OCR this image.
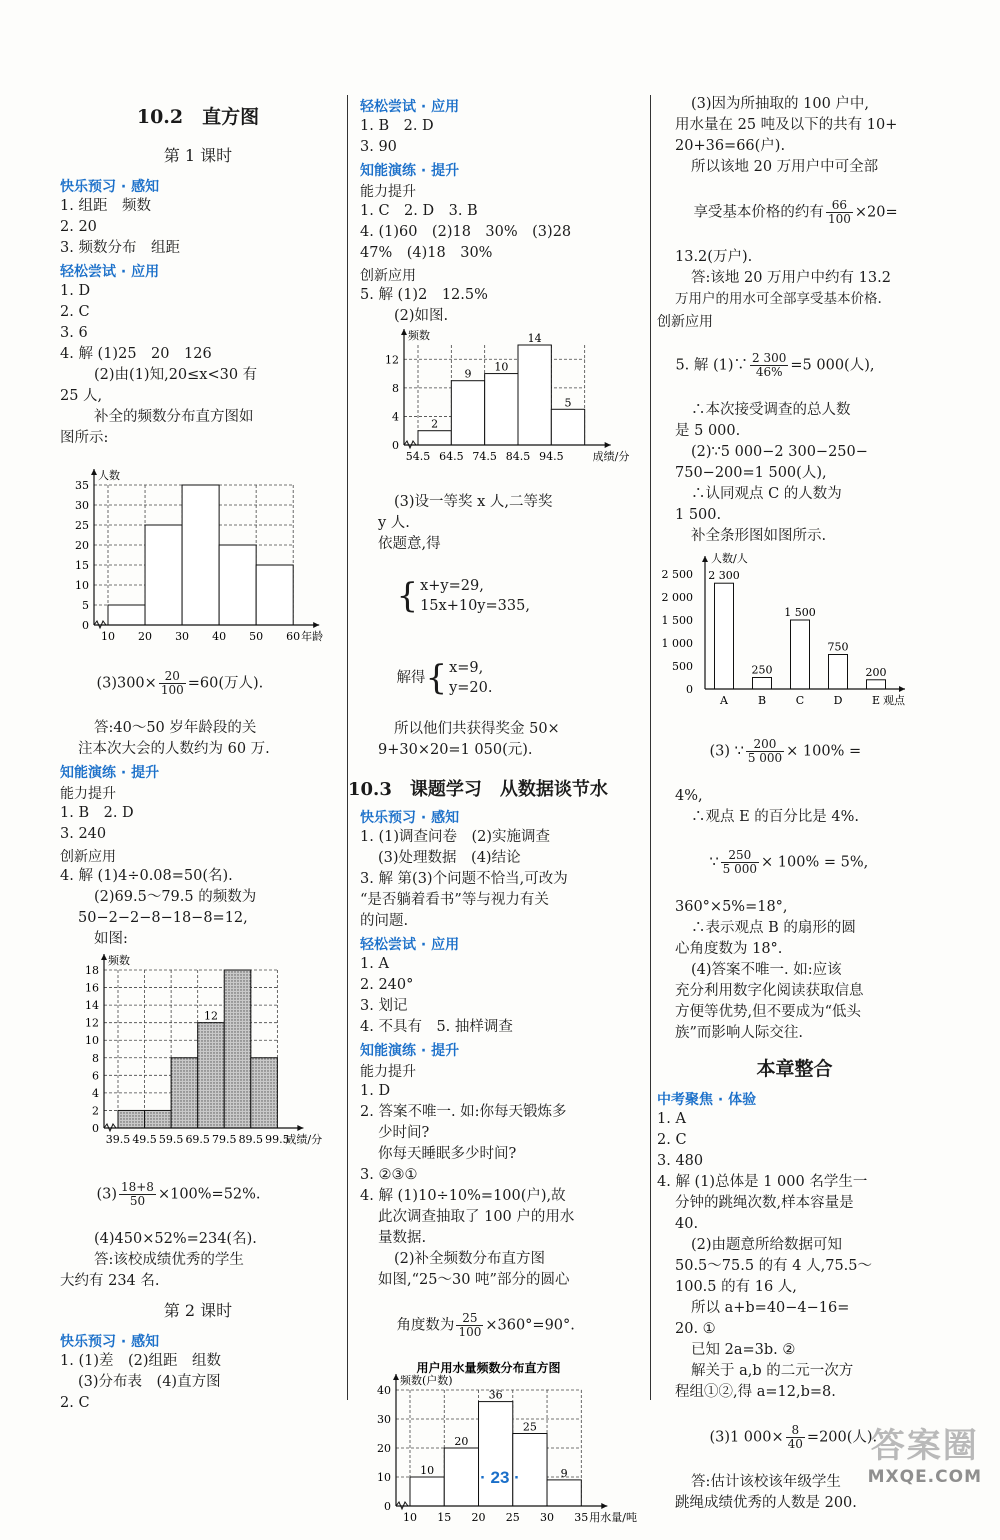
10.2　直方图
第 1 课时
快乐预习 · 感知
1. 组距　频数
2. 20
3. 频数分布　组距
轻松尝试 · 应用
1. D
2. C
3. 6
4. 解 (1)25　20　126
(2)由(1)知,20≤x<30 有
25 人,
补全的频数分布直方图如
图所示:
0
5
10
15
20
25
30
35
10 20 30 40 50 60 年龄
人数

$(3)300\times \frac{20}{100} =60$(万人).

答:40～50 岁年龄段的关
注本次大会的人数约为 60 万.
知能演练 · 提升
能力提升
1. B　2. D
3. 240
创新应用
4. 解 (1)4÷0.08=50(名).
(2)69.5～79.5 的频数为
50−2−2−8−18−8=12,
如图:
0
2
4
6
8
10
12
14
16
18
39.5 49.5 59.5 69.5 79.5 89.5 99.5
成绩/分
频数
12

$(3) \frac{18+8}{50} \times 100\%=52\%$.

(4)450×52%=234(名).
答:该校成绩优秀的学生
大约有 234 名.
第 2 课时
快乐预习 · 感知
1. (1)差　(2)组距　组数
(3)分布表　(4)直方图
2. C
轻松尝试 · 应用
1. B　2. D
3. 90
知能演练 · 提升
能力提升
1. C　2. D　3. B
4. (1)60　(2)18　30%　(3)28
47%　(4)18　30%
创新应用
5. 解 (1)2　12.5%
(2)如图.
0
4
8
12
54.5 64.5 74.5 84.5 94.5	成绩/分
频数
2
9
10
14
5
(3)设一等奖 x 人,二等奖
y 人.
依题意,得

{ x+y=29,
15x+10y=335,

解得{ x=9,
y=20.

所以他们共获得奖金 50×
9+30×20=1 050(元).
10.3　课题学习　从数据谈节水
快乐预习 · 感知
1. (1)调查问卷　(2)实施调查
(3)处理数据　(4)结论
3. 解 第(3)个问题不恰当,可改为
“是否躺着看书”等与视力有关
的问题.
轻松尝试 · 应用
1. A
2. 240°
3. 划记
4. 不具有　5. 抽样调查
知能演练 · 提升
能力提升
1. D
2. 答案不唯一. 如:你每天锻炼多
少时间?
你每天睡眠多少时间?
3. ②③①
4. 解 (1)10÷10%=100(户),故
此次调查抽取了 100 户的用水
量数据.
(2)补全频数分布直方图
如图,“25～30 吨”部分的圆心

角度数为 $\frac{25}{100} \times 360^\circ=90^\circ$.

用户用水量频数分布直方图
0
10
20
30
40
10 15 20 25 30 35 用水量/吨
频数(户数)
10
20
36
25
9
(3)因为所抽取的 100 户中,
用水量在 25 吨及以下的共有 10+
20+36=66(户).
所以该地 20 万用户中可全部

享受基本价格的约有 $\frac{66}{100} \times 20=$

13.2(万户).
答:该地 20 万用户中约有 13.2
万用户的用水可全部享受基本价格.
创新应用

5. 解 (1)∵ $\frac{2 300}{46\%} =5$ 000(人),

∴本次接受调查的总人数
是 5 000.
(2)∵5 000−2 300−250−
750−200=1 500(人),
∴认同观点 C 的人数为
1 500.
补全条形图如图所示.
2 300
A
250
B
1 500
C
750
D
200
E
0
500
1 000
1 500
2 000
2 500
观点
人数/人

(3) ∵ $\frac{200}{5 000} \times 100\%$ =

4%,
∴观点 E 的百分比是 4%.

∵ $\frac{250}{5 000} \times 100\% = 5\%$,

360°×5%=18°,
∴表示观点 B 的扇形的圆
心角度数为 18°.
(4)答案不唯一. 如:应该
充分利用数字化阅读获取信息
方便等优势,但不要成为“低头
族”而影响人际交往.
本章整合
中考聚焦 · 体验
1. A
2. C
3. 480
4. 解 (1)总体是 1 000 名学生一
分钟的跳绳次数,样本容量是
40.
(2)由题意所给数据可知
50.5～75.5 的有 4 人,75.5～
100.5 的有 16 人,
所以 a+b=40−4−16=
20. ①
已知 2a=3b. ②
解关于 a,b 的二元一次方
程组①②,得 a=12,b=8.

(3)1 $000\times \frac{8}{40} =200$(人).

答:估计该校该年级学生
跳绳成绩优秀的人数是 200.
· 23 ·
答案圈
MXQE.COM
